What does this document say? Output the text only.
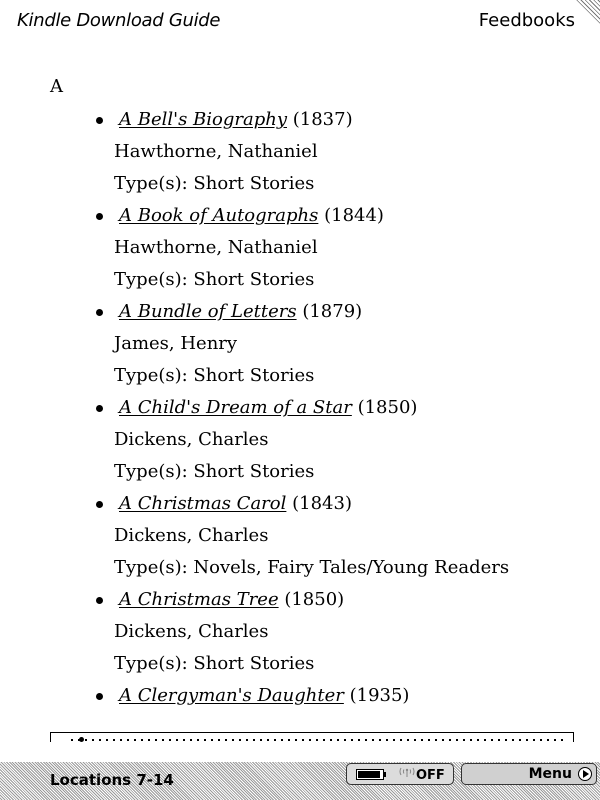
Kindle Download Guide	Feedbooks
A
A Bell's Biography (1837)
Hawthorne, Nathaniel
Type(s): Short Stories
A Book of Autographs (1844)
Hawthorne, Nathaniel
Type(s): Short Stories
A Bundle of Letters (1879)
James, Henry
Type(s): Short Stories
A Child's Dream of a Star (1850)
Dickens, Charles
Type(s): Short Stories
A Christmas Carol (1843)
Dickens, Charles
Type(s): Novels, Fairy Tales/Young Readers
A Christmas Tree (1850)
Dickens, Charles
Type(s): Short Stories
A Clergyman's Daughter (1935)
Locations 7-14	OFF	Menu
